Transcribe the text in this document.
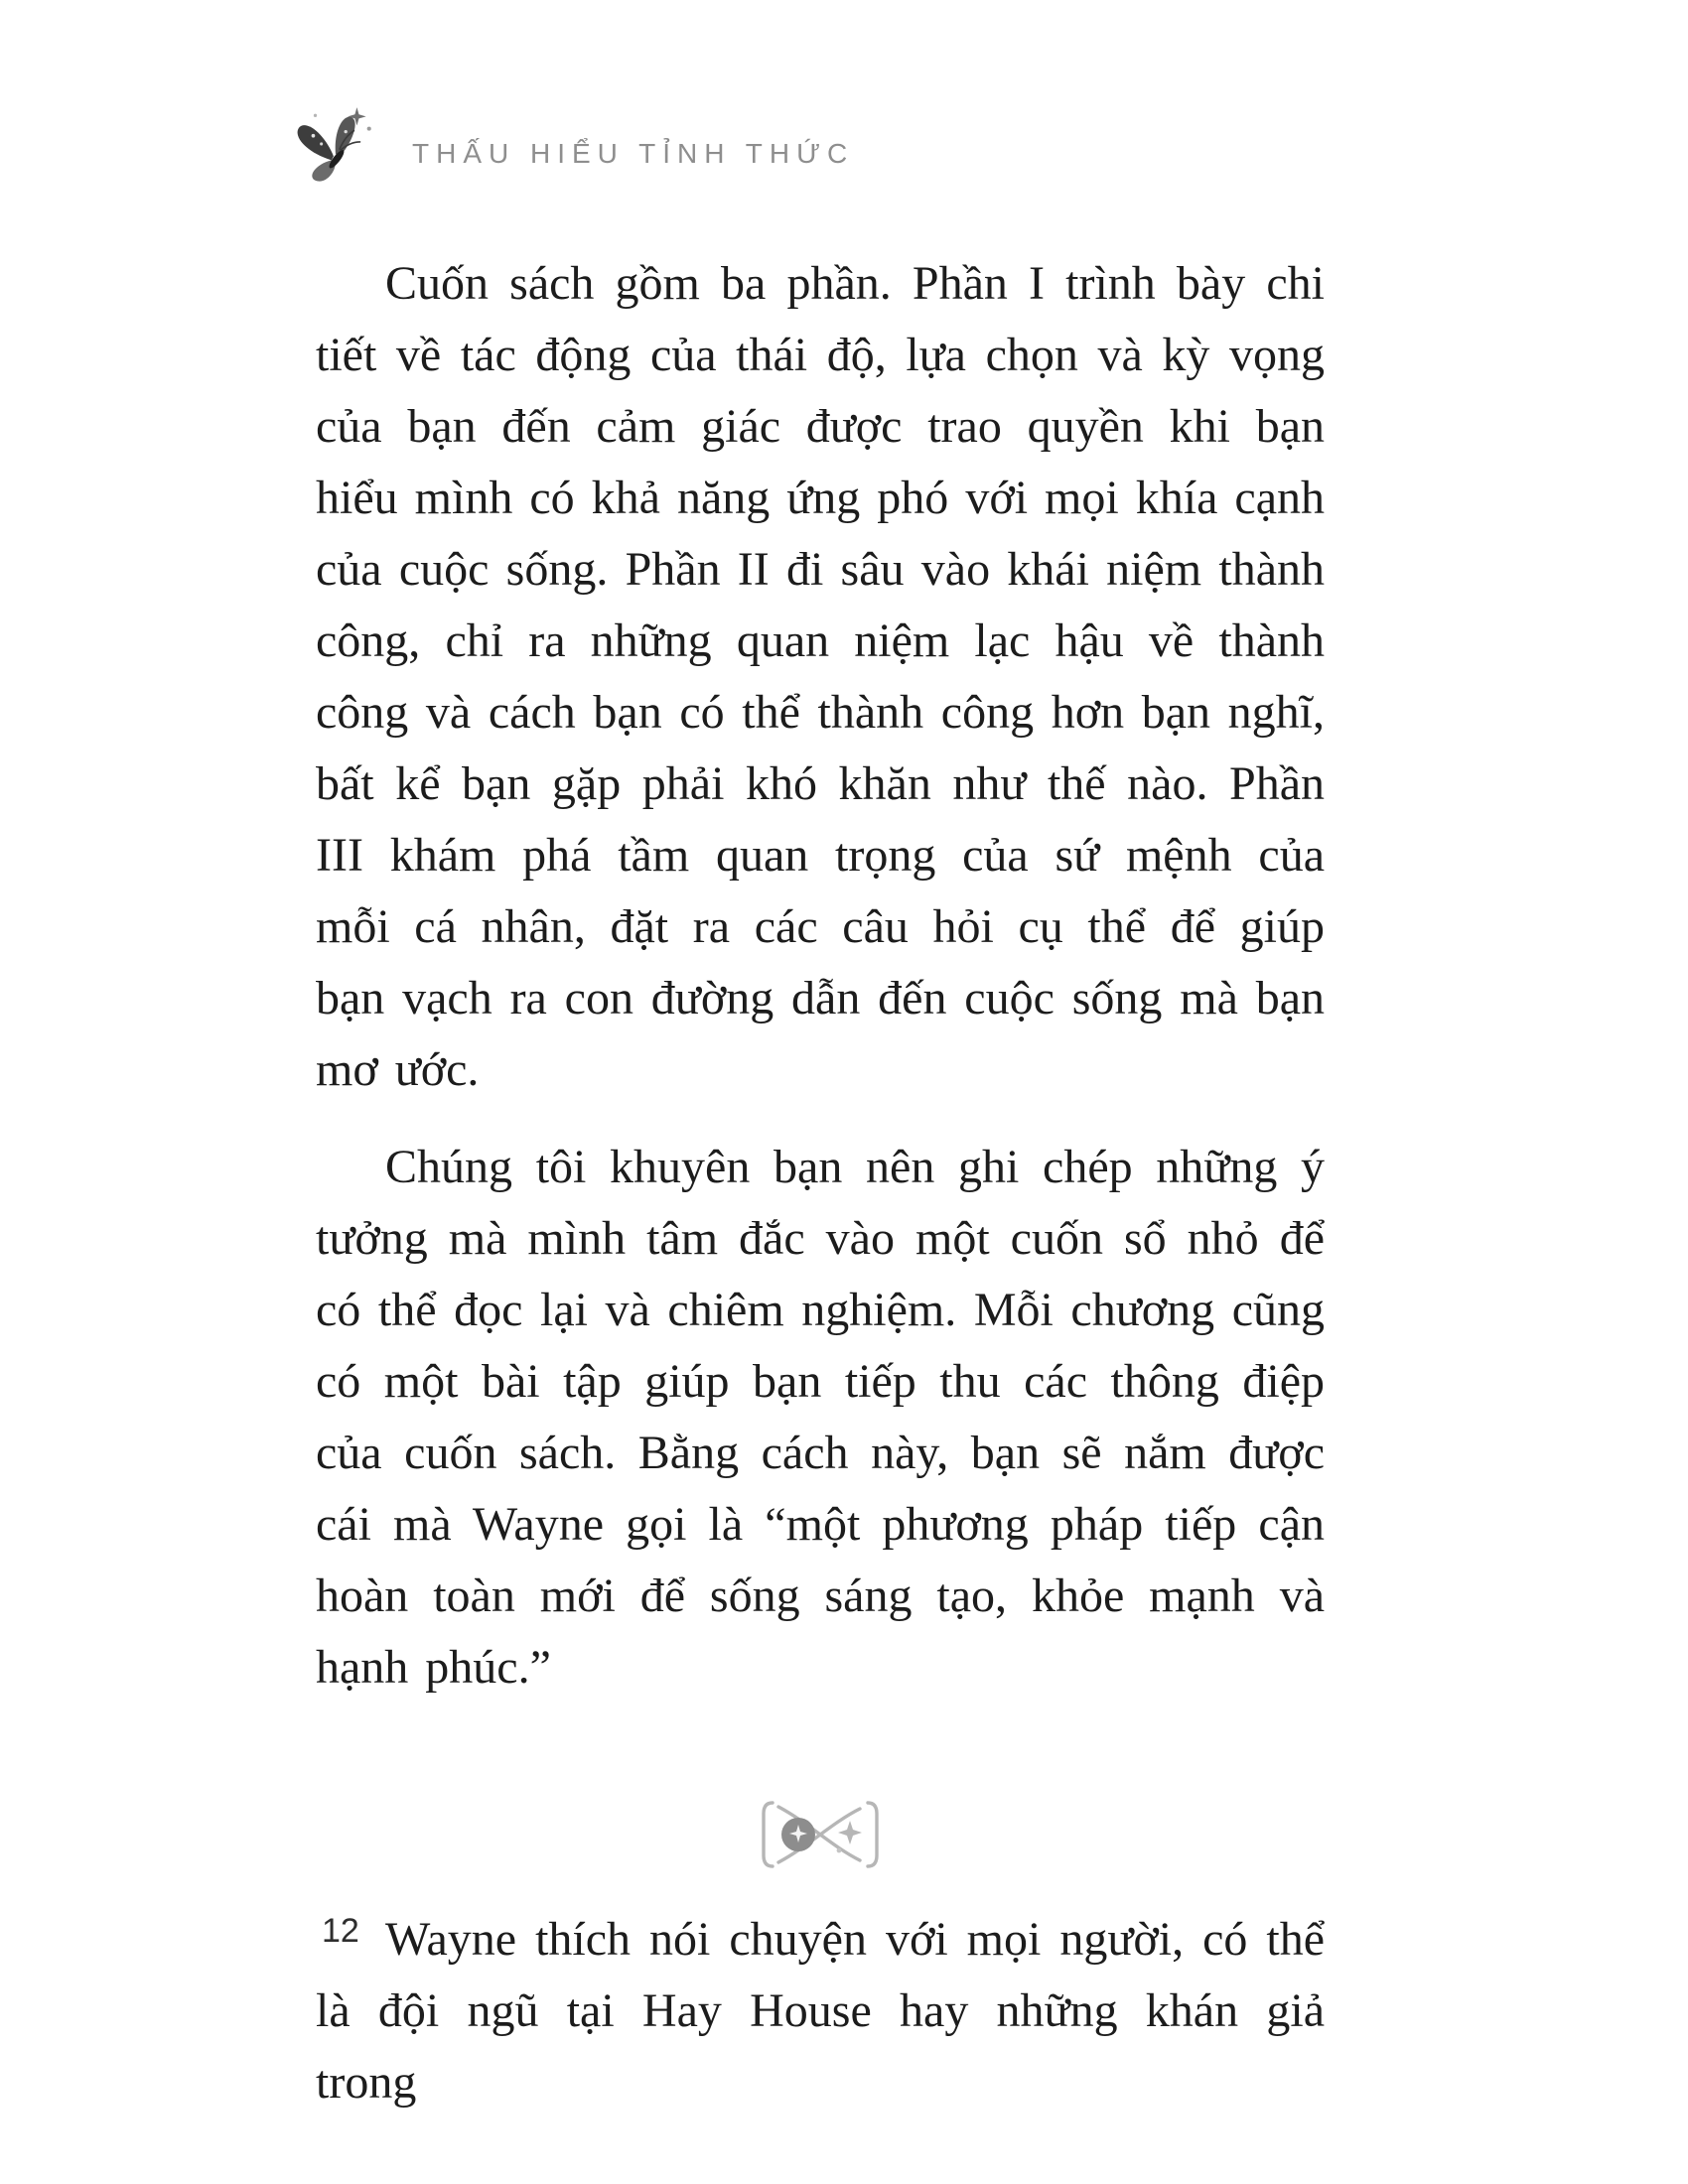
THẤU HIỂU TỈNH THỨC

Cuốn sách gồm ba phần. Phần I trình bày chi tiết về tác động của thái độ, lựa chọn và kỳ vọng của bạn đến cảm giác được trao quyền khi bạn hiểu mình có khả năng ứng phó với mọi khía cạnh của cuộc sống. Phần II đi sâu vào khái niệm thành công, chỉ ra những quan niệm lạc hậu về thành công và cách bạn có thể thành công hơn bạn nghĩ, bất kể bạn gặp phải khó khăn như thế nào. Phần III khám phá tầm quan trọng của sứ mệnh của mỗi cá nhân, đặt ra các câu hỏi cụ thể để giúp bạn vạch ra con đường dẫn đến cuộc sống mà bạn mơ ước.

Chúng tôi khuyên bạn nên ghi chép những ý tưởng mà mình tâm đắc vào một cuốn sổ nhỏ để có thể đọc lại và chiêm nghiệm. Mỗi chương cũng có một bài tập giúp bạn tiếp thu các thông điệp của cuốn sách. Bằng cách này, bạn sẽ nắm được cái mà Wayne gọi là “một phương pháp tiếp cận hoàn toàn mới để sống sáng tạo, khỏe mạnh và hạnh phúc.”

Wayne thích nói chuyện với mọi người, có thể là đội ngũ tại Hay House hay những khán giả trong

12
